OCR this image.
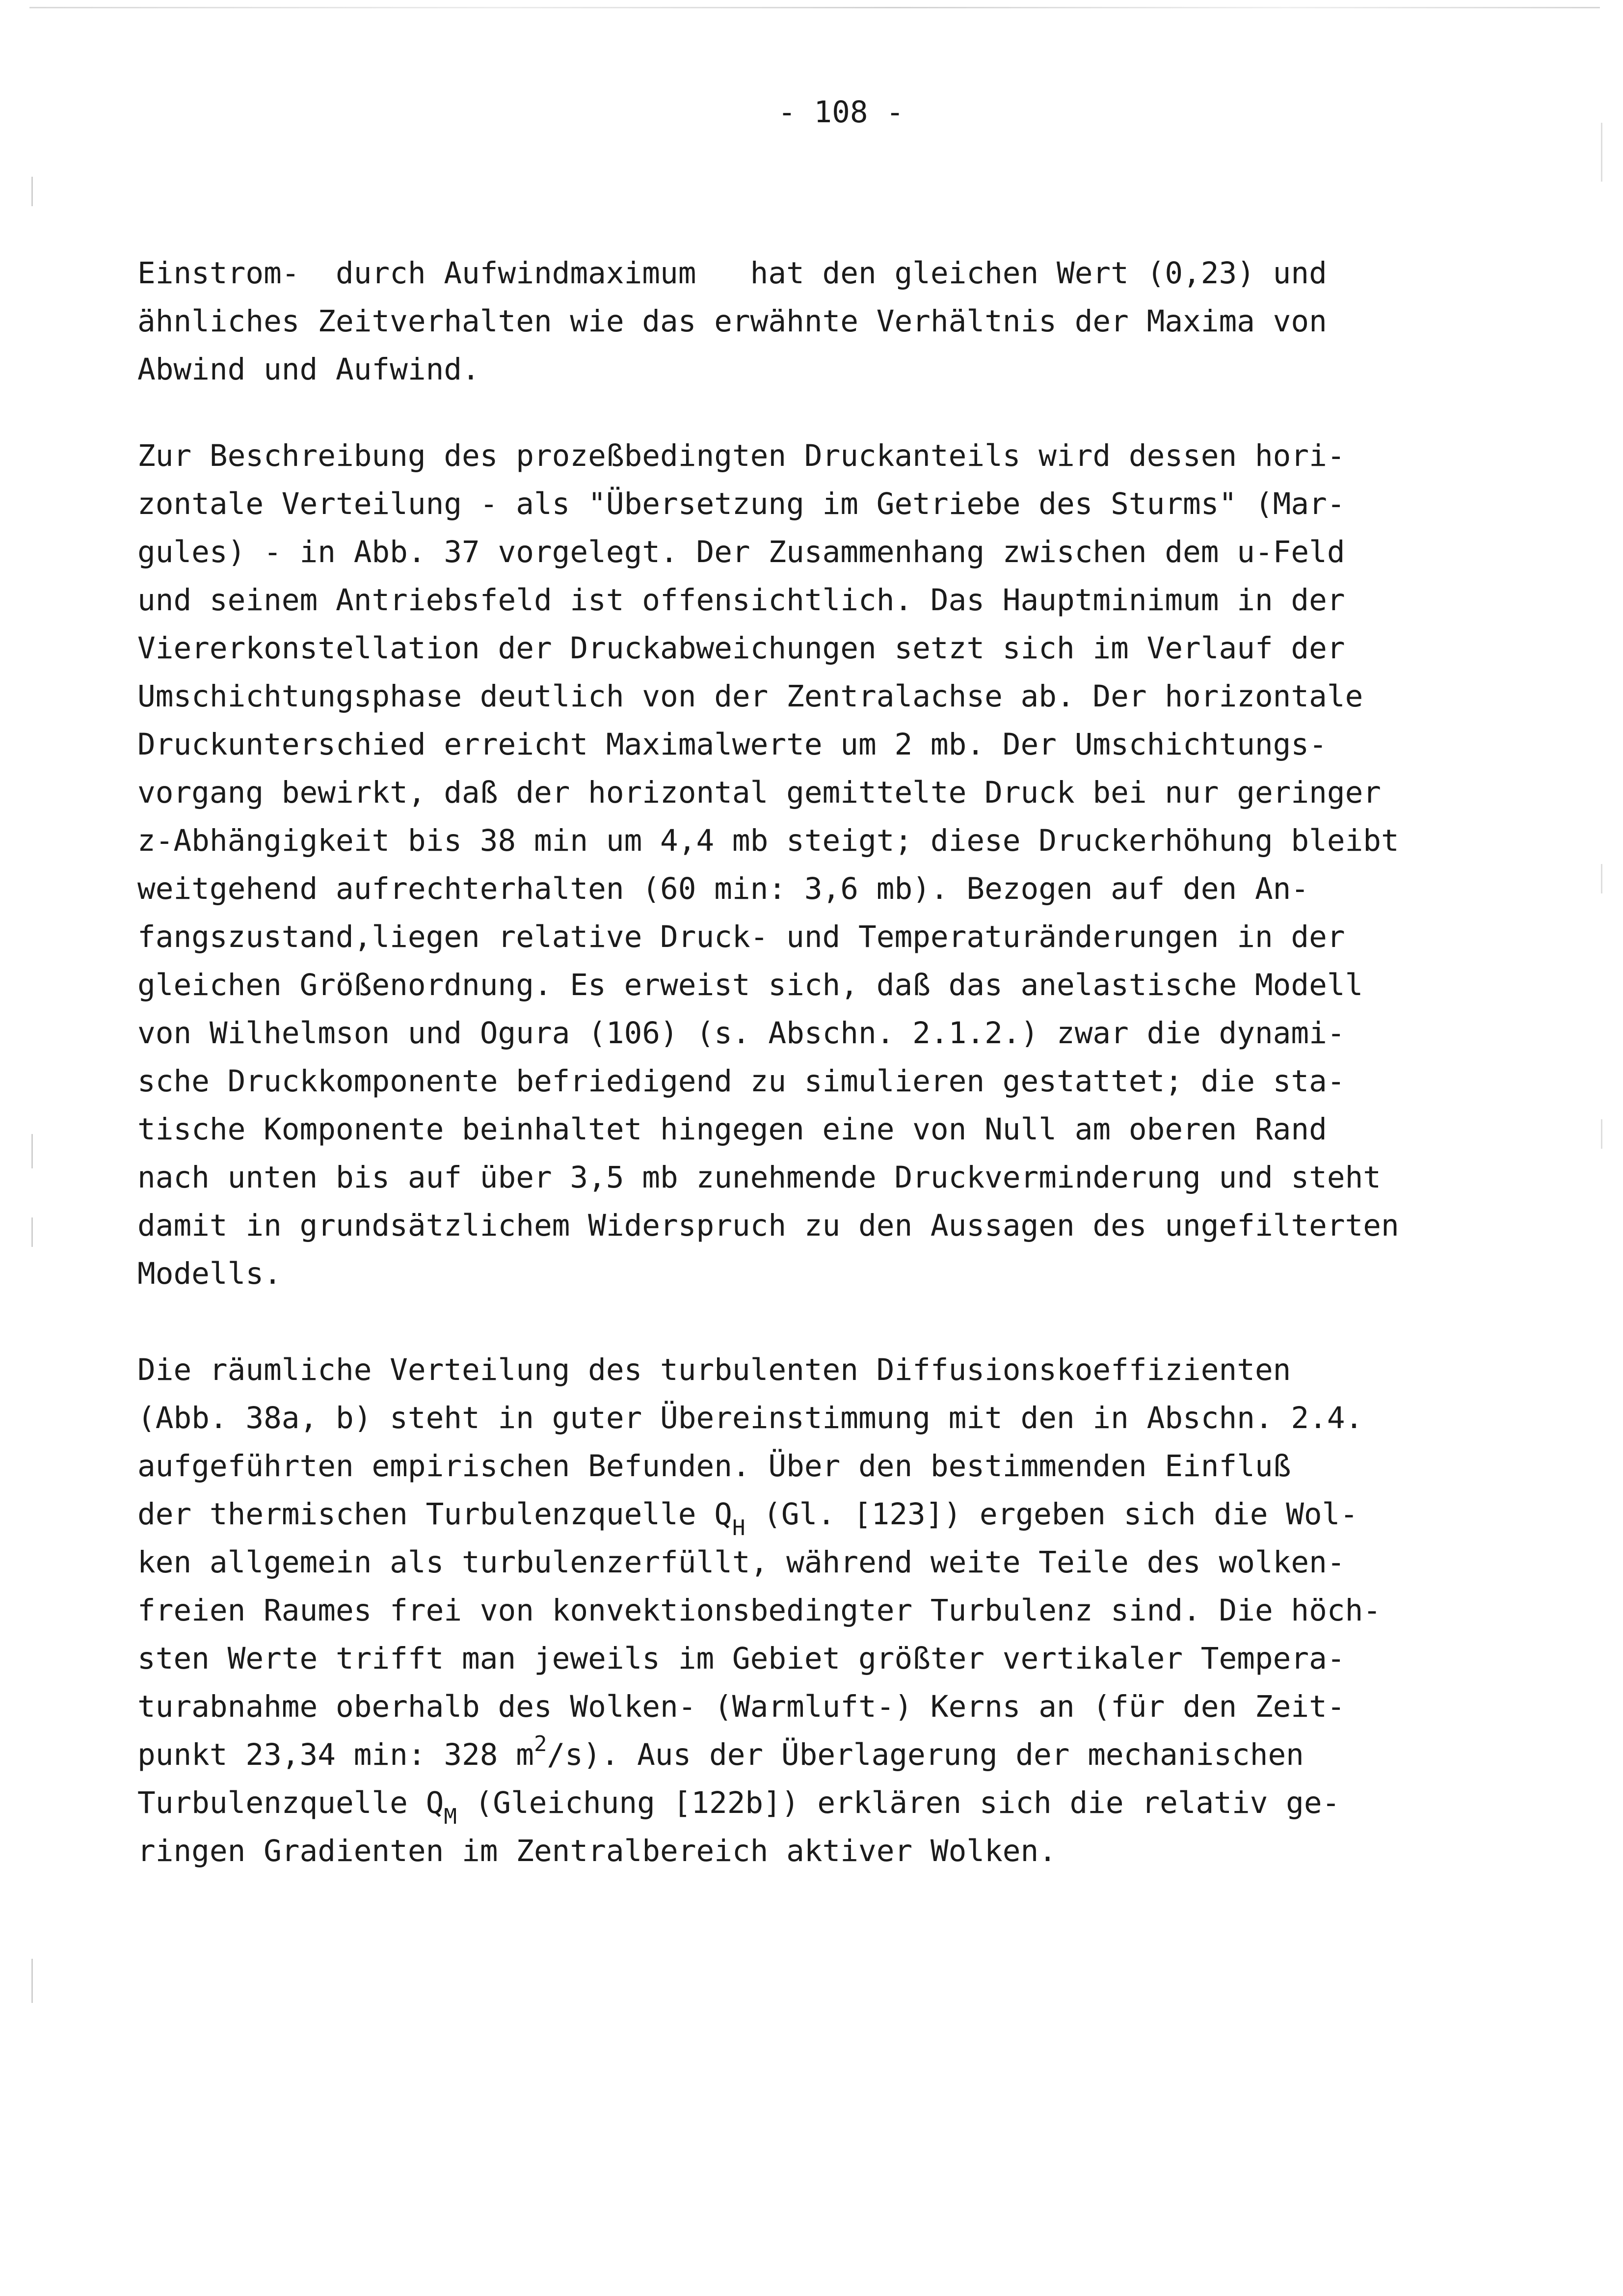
- 108 -
Einstrom-  durch Aufwindmaximum   hat den gleichen Wert (0,23) und
ähnliches Zeitverhalten wie das erwähnte Verhältnis der Maxima von
Abwind und Aufwind.
Zur Beschreibung des prozeßbedingten Druckanteils wird dessen hori-
zontale Verteilung - als "Übersetzung im Getriebe des Sturms" (Mar-
gules) - in Abb. 37 vorgelegt. Der Zusammenhang zwischen dem u-Feld
und seinem Antriebsfeld ist offensichtlich. Das Hauptminimum in der
Viererkonstellation der Druckabweichungen setzt sich im Verlauf der
Umschichtungsphase deutlich von der Zentralachse ab. Der horizontale
Druckunterschied erreicht Maximalwerte um 2 mb. Der Umschichtungs-
vorgang bewirkt, daß der horizontal gemittelte Druck bei nur geringer
z-Abhängigkeit bis 38 min um 4,4 mb steigt; diese Druckerhöhung bleibt
weitgehend aufrechterhalten (60 min: 3,6 mb). Bezogen auf den An-
fangszustand,liegen relative Druck- und Temperaturänderungen in der
gleichen Größenordnung. Es erweist sich, daß das anelastische Modell
von Wilhelmson und Ogura (106) (s. Abschn. 2.1.2.) zwar die dynami-
sche Druckkomponente befriedigend zu simulieren gestattet; die sta-
tische Komponente beinhaltet hingegen eine von Null am oberen Rand
nach unten bis auf über 3,5 mb zunehmende Druckverminderung und steht
damit in grundsätzlichem Widerspruch zu den Aussagen des ungefilterten
Modells.
Die räumliche Verteilung des turbulenten Diffusionskoeffizienten
(Abb. 38a, b) steht in guter Übereinstimmung mit den in Abschn. 2.4.
aufgeführten empirischen Befunden. Über den bestimmenden Einfluß
der thermischen Turbulenzquelle $Q_H$ (Gl. [123]) ergeben sich die Wol-
ken allgemein als turbulenzerfüllt, während weite Teile des wolken-
freien Raumes frei von konvektionsbedingter Turbulenz sind. Die höch-
sten Werte trifft man jeweils im Gebiet größter vertikaler Tempera-
turabnahme oberhalb des Wolken- (Warmluft-) Kerns an (für den Zeit-
punkt 23,34 min: 328 $m^2/s$). Aus der Überlagerung der mechanischen
Turbulenzquelle $Q_M$ (Gleichung [122b]) erklären sich die relativ ge-
ringen Gradienten im Zentralbereich aktiver Wolken.
